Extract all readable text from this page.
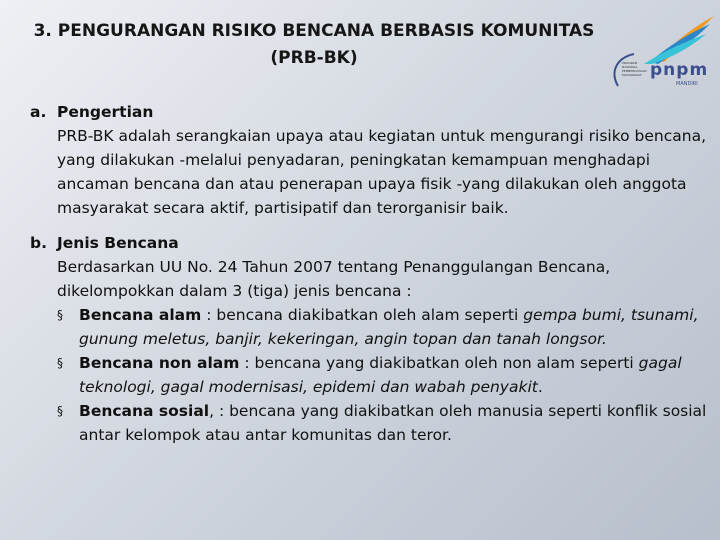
3. PENGURANGAN RISIKO BENCANA BERBASIS KOMUNITAS
(PRB-BK)	PROGRAM NASIONAL PEMBERDAYAAN MASYARAKAT pnpm
MANDIRI
a. Pengertian
PRB-BK adalah serangkaian upaya atau kegiatan untuk mengurangi risiko bencana, yang dilakukan -melalui penyadaran, peningkatan kemampuan menghadapi ancaman bencana dan atau penerapan upaya fisik -yang dilakukan oleh anggota masyarakat secara aktif, partisipatif dan terorganisir baik.
b. Jenis Bencana
Berdasarkan UU No. 24 Tahun 2007 tentang Penanggulangan Bencana, dikelompokkan dalam 3 (tiga) jenis bencana :
§	Bencana alam : bencana diakibatkan oleh alam seperti gempa bumi, tsunami, gunung meletus, banjir, kekeringan, angin topan dan tanah longsor.
§	Bencana non alam : bencana yang diakibatkan oleh non alam seperti gagal teknologi, gagal modernisasi, epidemi dan wabah penyakit.
§	Bencana sosial, : bencana yang diakibatkan oleh manusia seperti konflik sosial antar kelompok atau antar komunitas dan teror.
